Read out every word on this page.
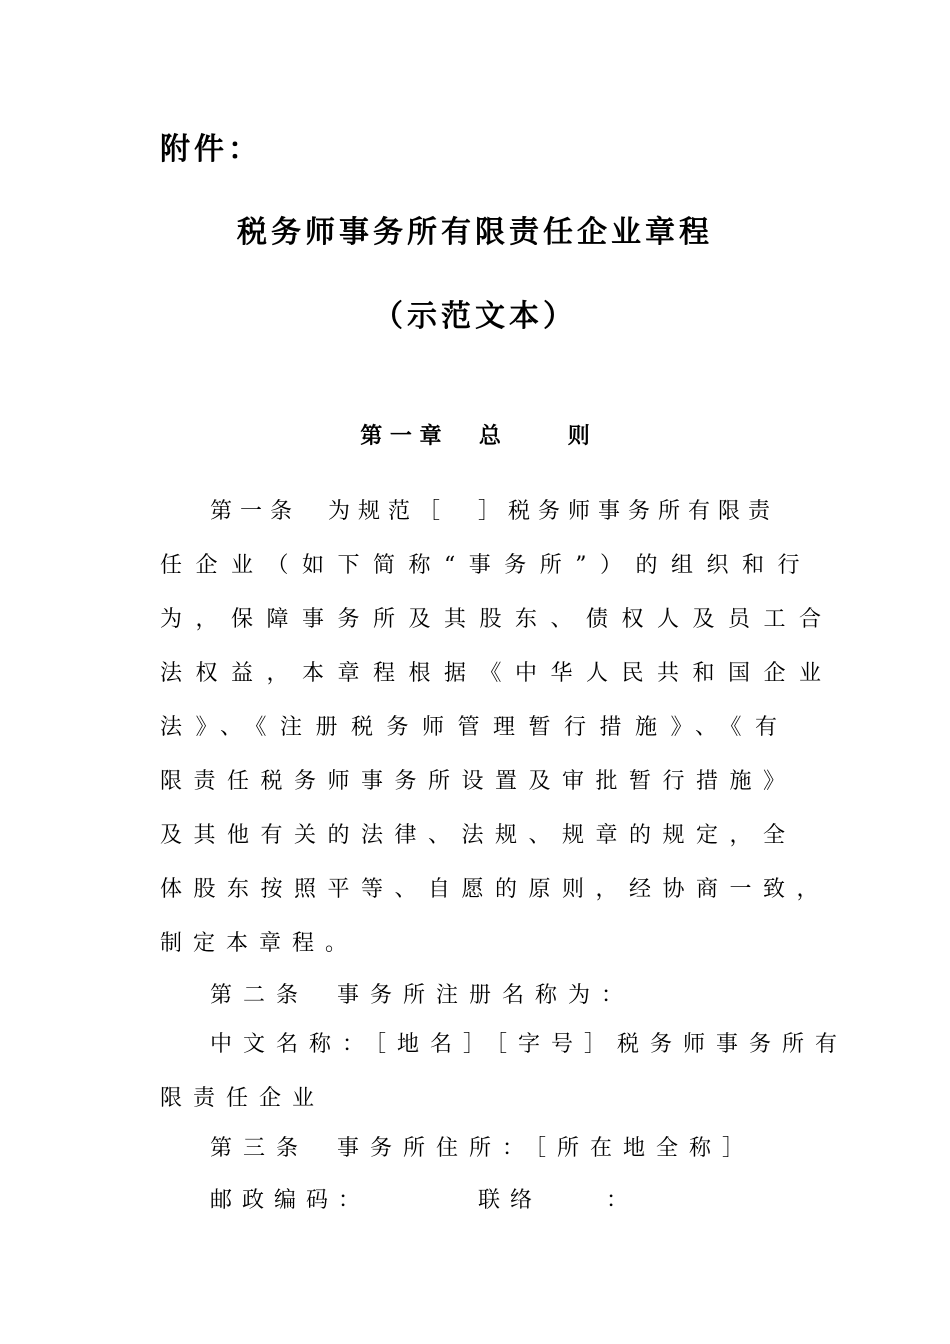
附件：
税务师事务所有限责任企业章程
（示范文本）
第 一 章 　 总 　 　 则
第一条 为规范［　］税务师事务所有限责
任企业（如下简称“事务所”）的组织和行
为，保障事务所及其股东、债权人及员工合
法权益，本章程根据《中华人民共和国企业
法》、《注册税务师管理暂行措施》、《有
限责任税务师事务所设置及审批暂行措施》
及其他有关的法律、法规、规章的规定，全
体股东按照平等、自愿的原则，经协商一致，
制定本章程。
第二条 事务所注册名称为：
中文名称：［地名］［字号］税务师事务所有
限责任企业
第三条 事务所住所：［所在地全称］
邮政编码：	联络　　：
